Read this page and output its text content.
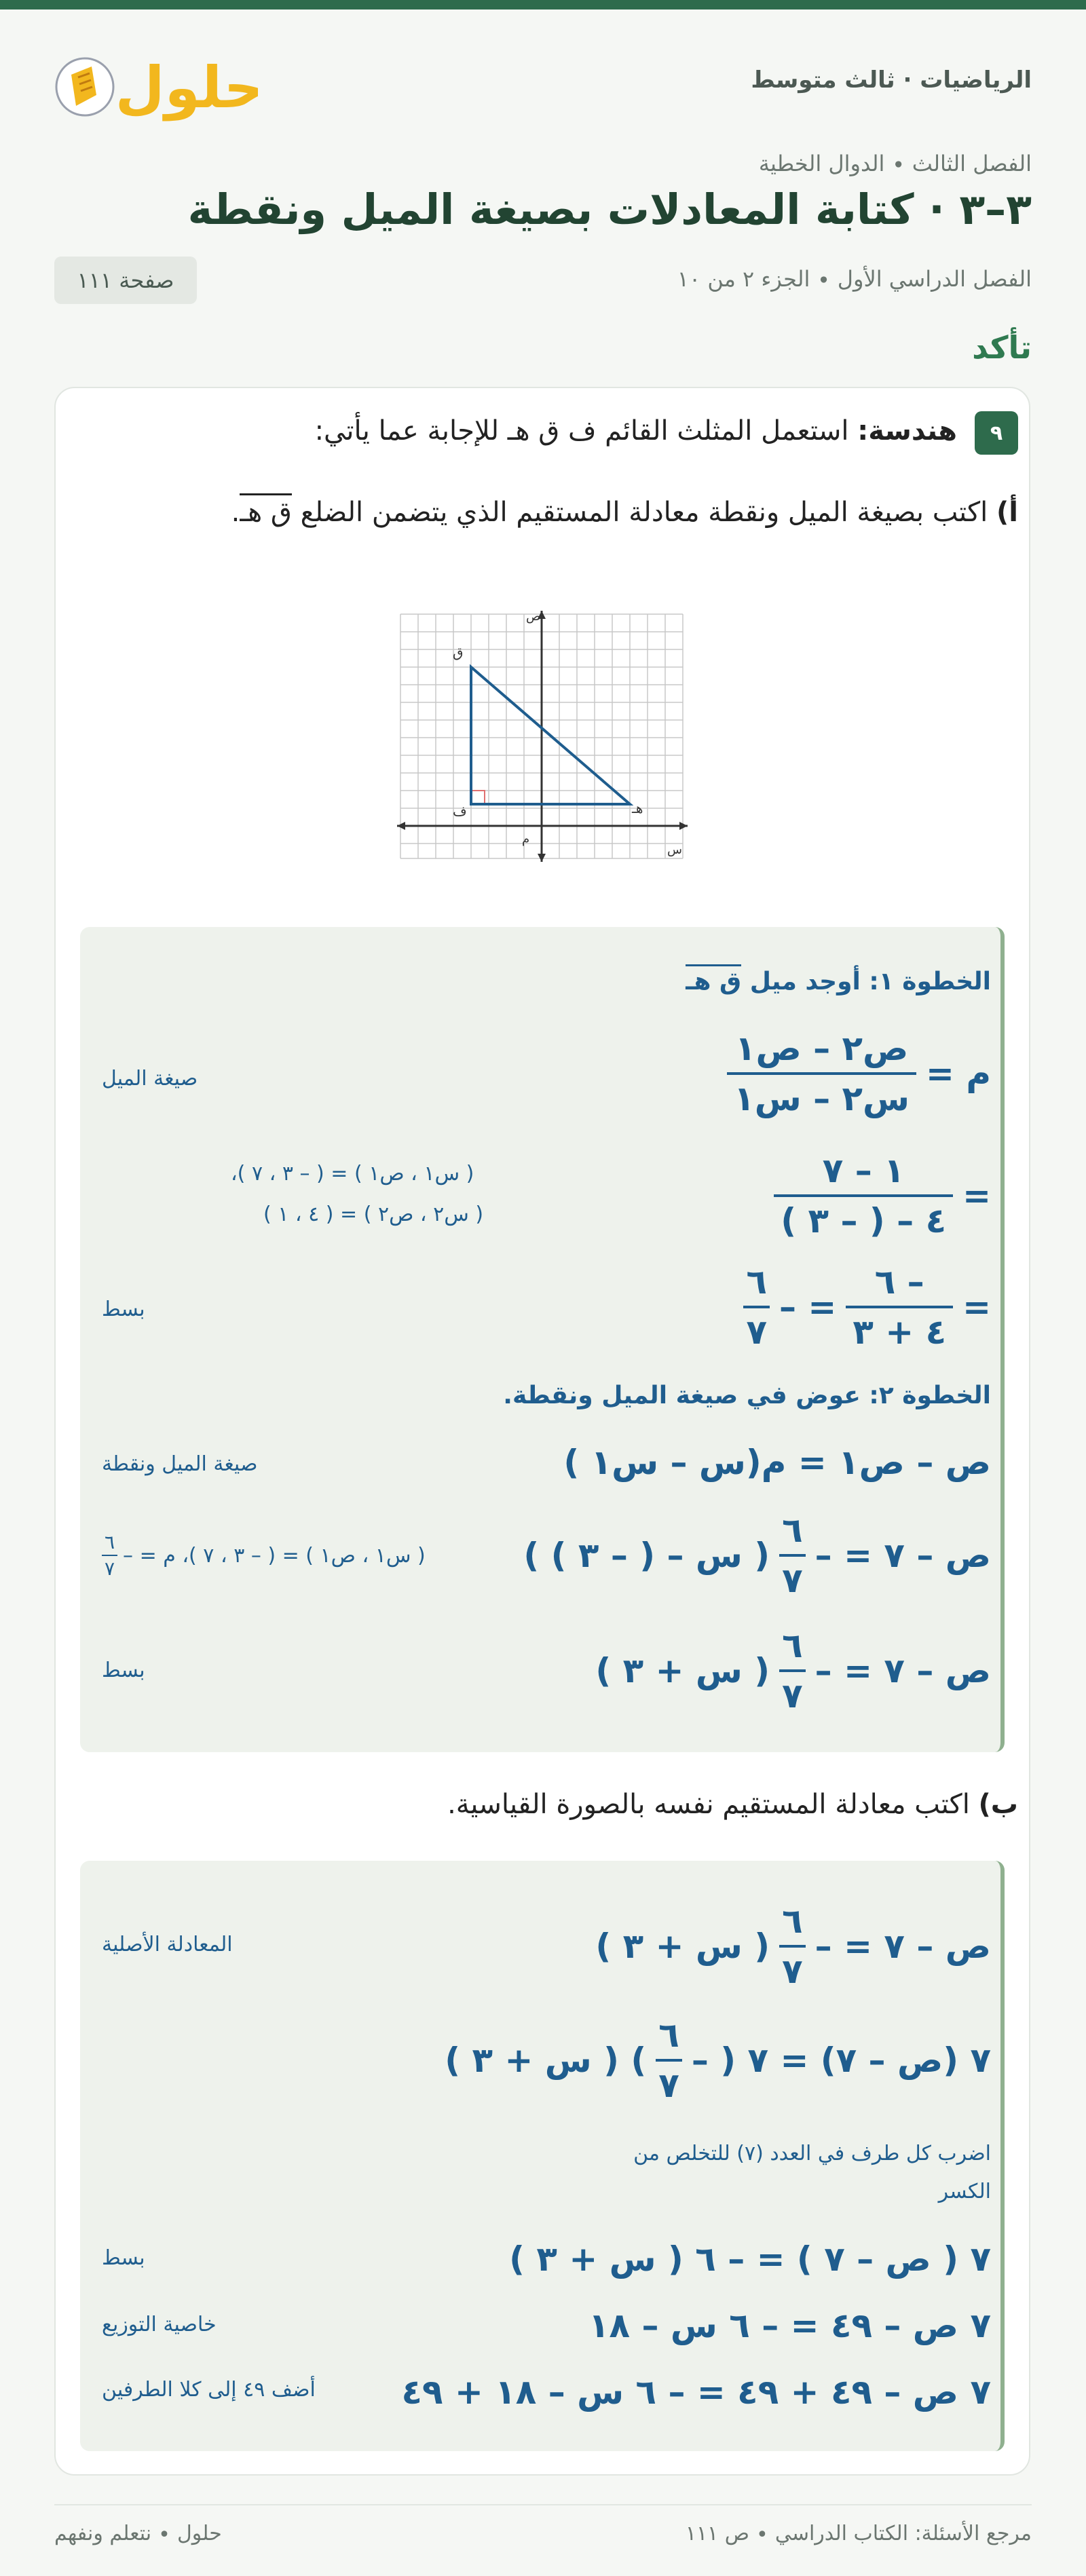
الرياضيات ∙ ثالث متوسط
حلول
الفصل الثالث ∙ الدوال الخطية
٣–٣ ∙ كتابة المعادلات بصيغة الميل ونقطة
الفصل الدراسي الأول ∙ الجزء ٢ من ١٠
صفحة ١١١
تأكد
٩
هندسة: استعمل المثلث القائم ف ق هـ للإجابة عما يأتي:
أ) اكتب بصيغة الميل ونقطة معادلة المستقيم الذي يتضمن الضلع ق هـ.
س
ص
م
ق
ف	هـ
الخطوة ١: أوجد ميل ق هـ
م =
$\frac{\text{ص٢ – ص١}}{\text{س٢ – س١}}$
صيغة الميل
=
$\frac{١ - ٧}{٤ - ( - ٣ )}$
( س١ ، ص١ ) = ( – ٣ ، ٧ )،
( س٢ ، ص٢ ) = ( ٤ ، ١ )
=
$\frac{- ٦}{٤ + ٣}$
= –
$\frac{٦}{٧}$
بسط
الخطوة ٢: عوض في صيغة الميل ونقطة.
ص – ص١ = م(س – س١ )
صيغة الميل ونقطة
ص – ٧ = –
$\frac{٦}{٧}$
( س – ( – ٣ ) )
( س١ ، ص١ ) = ( – ٣ ، ٧ )، م = –
$\frac{٦}{٧}$
ص – ٧ = –
$\frac{٦}{٧}$
( س + ٣ )
بسط
ب) اكتب معادلة المستقيم نفسه بالصورة القياسية.
ص – ٧ = –
$\frac{٦}{٧}$
( س + ٣ )
المعادلة الأصلية
٧ (ص – ٧) = ٧ ( –
$\frac{٦}{٧}$
) ( س + ٣ )
اضرب كل طرف في العدد (٧) للتخلص من
الكسر
٧ ( ص – ٧ ) = – ٦ ( س + ٣ )
بسط
٧ ص – ٤٩ = – ٦ س – ١٨
خاصية التوزيع
٧ ص – ٤٩ + ٤٩ = – ٦ س – ١٨ + ٤٩
أضف ٤٩ إلى كلا الطرفين
مرجع الأسئلة: الكتاب الدراسي ∙ ص ١١١
حلول ∙ نتعلم ونفهم
